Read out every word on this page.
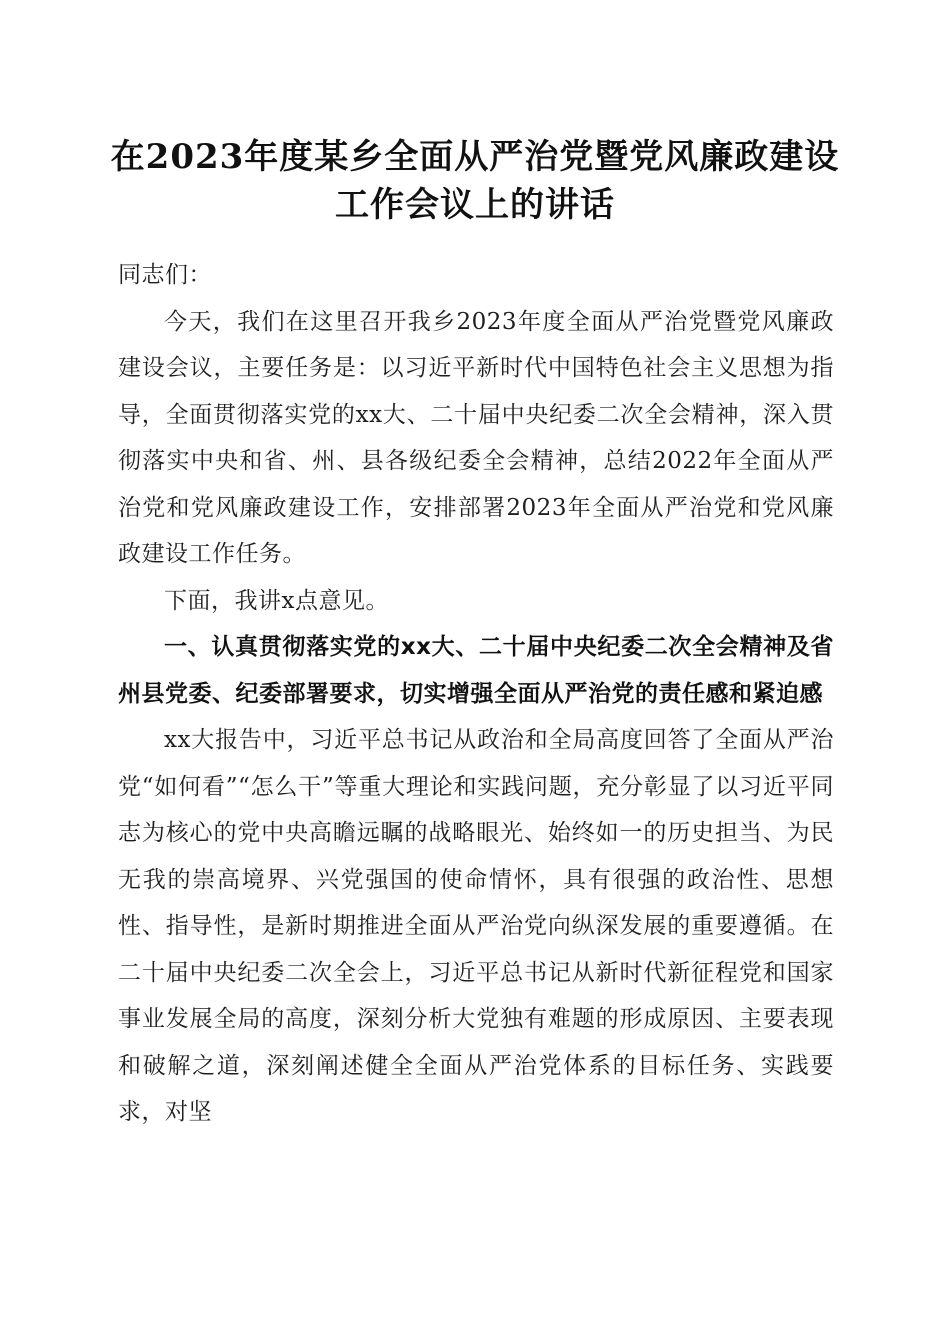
在2023年度某乡全面从严治党暨党风廉政建设工作会议上的讲话

同志们：

今天，我们在这里召开我乡2023年度全面从严治党暨党风廉政建设会议，主要任务是：以习近平新时代中国特色社会主义思想为指导，全面贯彻落实党的xx大、二十届中央纪委二次全会精神，深入贯彻落实中央和省、州、县各级纪委全会精神，总结2022年全面从严治党和党风廉政建设工作，安排部署2023年全面从严治党和党风廉政建设工作任务。

下面，我讲x点意见。

一、认真贯彻落实党的xx大、二十届中央纪委二次全会精神及省州县党委、纪委部署要求，切实增强全面从严治党的责任感和紧迫感

xx大报告中，习近平总书记从政治和全局高度回答了全面从严治党“如何看”“怎么干”等重大理论和实践问题，充分彰显了以习近平同志为核心的党中央高瞻远瞩的战略眼光、始终如一的历史担当、为民无我的崇高境界、兴党强国的使命情怀，具有很强的政治性、思想性、指导性，是新时期推进全面从严治党向纵深发展的重要遵循。在二十届中央纪委二次全会上，习近平总书记从新时代新征程党和国家事业发展全局的高度，深刻分析大党独有难题的形成原因、主要表现和破解之道，深刻阐述健全全面从严治党体系的目标任务、实践要求，对坚
